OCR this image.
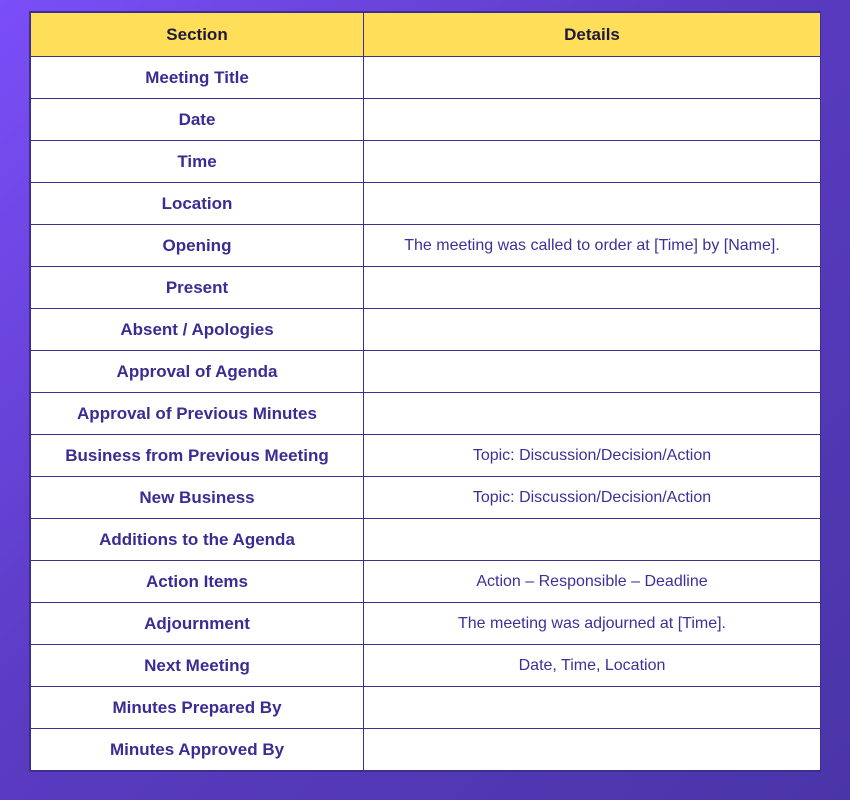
Section	Details
Meeting Title	
Date	
Time	
Location	
Opening	The meeting was called to order at [Time] by [Name].
Present	
Absent / Apologies	
Approval of Agenda	
Approval of Previous Minutes	
Business from Previous Meeting	Topic: Discussion/Decision/Action
New Business	Topic: Discussion/Decision/Action
Additions to the Agenda	
Action Items	Action – Responsible – Deadline
Adjournment	The meeting was adjourned at [Time].
Next Meeting	Date, Time, Location
Minutes Prepared By	
Minutes Approved By	
